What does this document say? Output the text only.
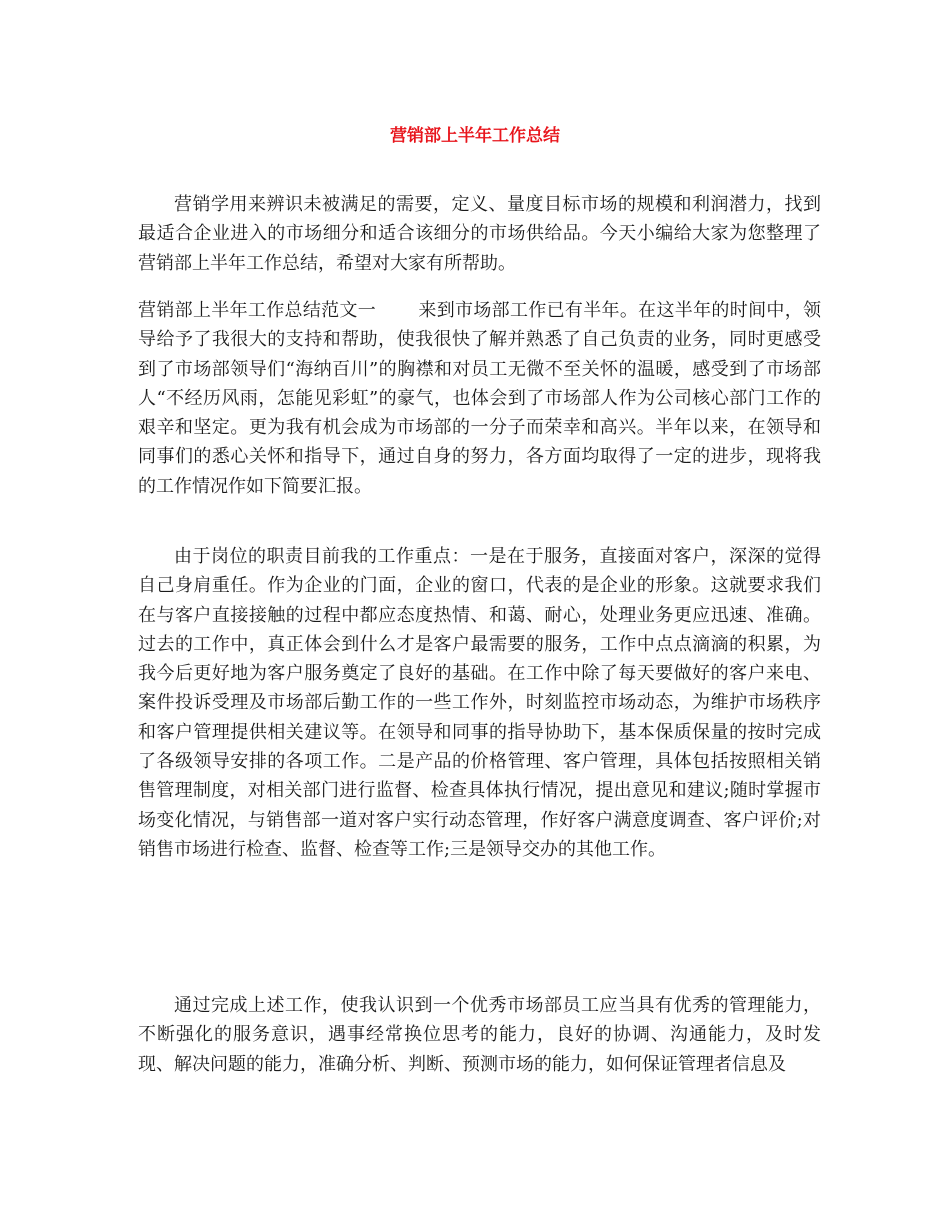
营销部上半年工作总结

营销学用来辨识未被满足的需要，定义、量度目标市场的规模和利润潜力，找到最适合企业进入的市场细分和适合该细分的市场供给品。今天小编给大家为您整理了营销部上半年工作总结，希望对大家有所帮助。

营销部上半年工作总结范文一 来到市场部工作已有半年。在这半年的时间中，领导给予了我很大的支持和帮助，使我很快了解并熟悉了自己负责的业务，同时更感受到了市场部领导们“海纳百川”的胸襟和对员工无微不至关怀的温暖，感受到了市场部人“不经历风雨，怎能见彩虹”的豪气，也体会到了市场部人作为公司核心部门工作的艰辛和坚定。更为我有机会成为市场部的一分子而荣幸和高兴。半年以来，在领导和同事们的悉心关怀和指导下，通过自身的努力，各方面均取得了一定的进步，现将我的工作情况作如下简要汇报。

由于岗位的职责目前我的工作重点：一是在于服务，直接面对客户，深深的觉得自己身肩重任。作为企业的门面，企业的窗口，代表的是企业的形象。这就要求我们在与客户直接接触的过程中都应态度热情、和蔼、耐心，处理业务更应迅速、准确。过去的工作中，真正体会到什么才是客户最需要的服务，工作中点点滴滴的积累，为我今后更好地为客户服务奠定了良好的基础。在工作中除了每天要做好的客户来电、案件投诉受理及市场部后勤工作的一些工作外，时刻监控市场动态，为维护市场秩序和客户管理提供相关建议等。在领导和同事的指导协助下，基本保质保量的按时完成了各级领导安排的各项工作。二是产品的价格管理、客户管理，具体包括按照相关销售管理制度，对相关部门进行监督、检查具体执行情况，提出意见和建议;随时掌握市场变化情况，与销售部一道对客户实行动态管理，作好客户满意度调查、客户评价;对销售市场进行检查、监督、检查等工作;三是领导交办的其他工作。

通过完成上述工作，使我认识到一个优秀市场部员工应当具有优秀的管理能力，不断强化的服务意识，遇事经常换位思考的能力，良好的协调、沟通能力，及时发现、解决问题的能力，准确分析、判断、预测市场的能力，如何保证管理者信息及
